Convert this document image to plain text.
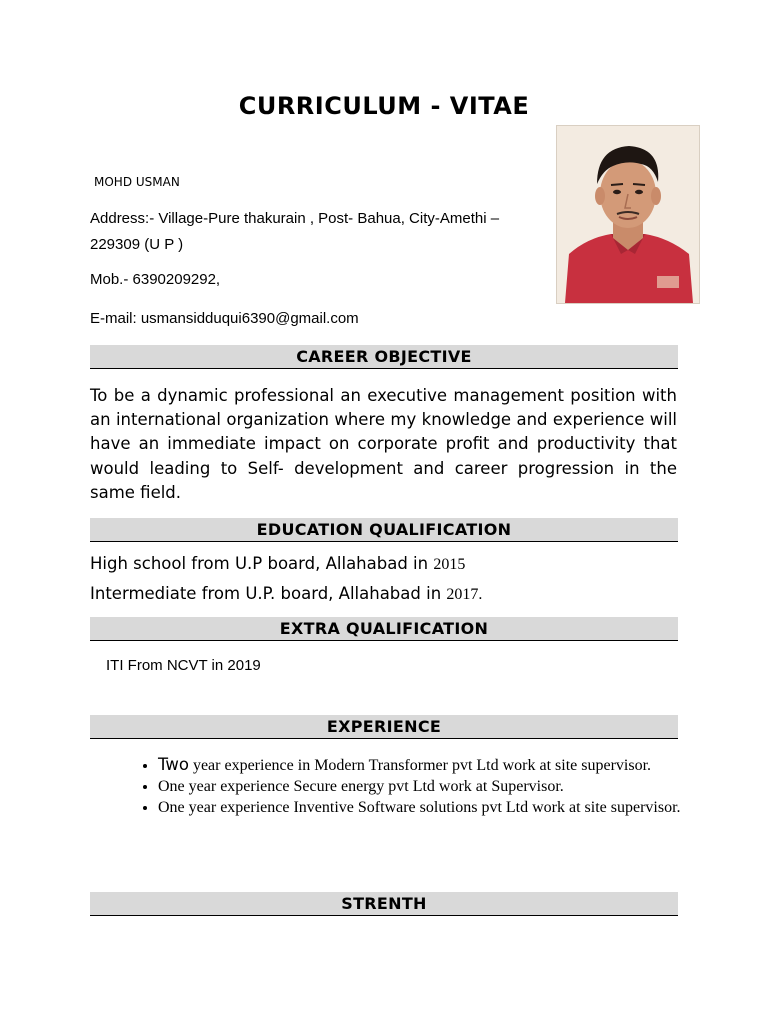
CURRICULUM - VITAE
MOHD USMAN
Address:- Village-Pure thakurain , Post- Bahua, City-Amethi – 229309 (U P )
Mob.- 6390209292,
E-mail: usmansidduqui6390@gmail.com
CAREER OBJECTIVE
To be a dynamic professional an executive management position with an international organization where my knowledge and experience will have an immediate impact on corporate profit and productivity that would leading to Self- development and career progression in the same field.
EDUCATION QUALIFICATION
High school from U.P board, Allahabad in 2015
Intermediate from U.P. board, Allahabad in 2017.
EXTRA QUALIFICATION
ITI From NCVT in 2019
EXPERIENCE
• Two year experience in Modern Transformer pvt Ltd work at site supervisor.
• One year experience Secure energy pvt Ltd work at Supervisor.
• One year experience Inventive Software solutions pvt Ltd work at site supervisor.
STRENTH
